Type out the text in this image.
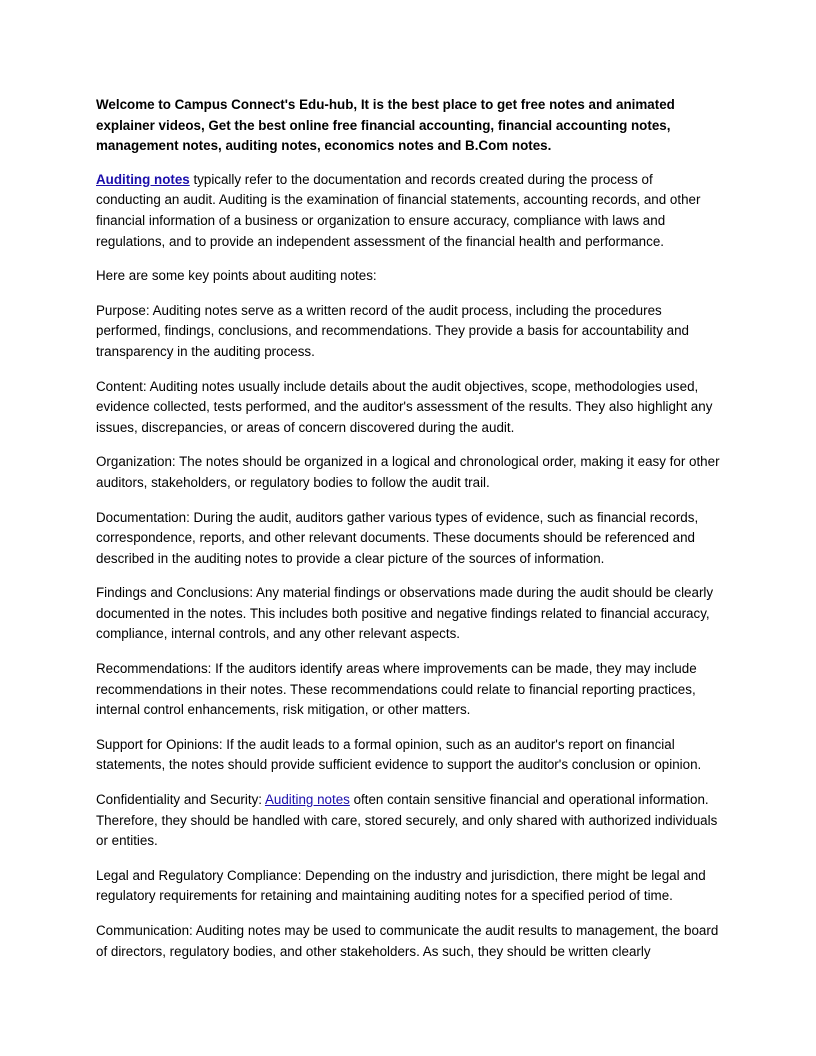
Welcome to Campus Connect's Edu-hub, It is the best place to get free notes and animated explainer videos, Get the best online free financial accounting, financial accounting notes, management notes, auditing notes, economics notes and B.Com notes.

Auditing notes typically refer to the documentation and records created during the process of conducting an audit. Auditing is the examination of financial statements, accounting records, and other financial information of a business or organization to ensure accuracy, compliance with laws and regulations, and to provide an independent assessment of the financial health and performance.

Here are some key points about auditing notes:

Purpose: Auditing notes serve as a written record of the audit process, including the procedures performed, findings, conclusions, and recommendations. They provide a basis for accountability and transparency in the auditing process.

Content: Auditing notes usually include details about the audit objectives, scope, methodologies used, evidence collected, tests performed, and the auditor's assessment of the results. They also highlight any issues, discrepancies, or areas of concern discovered during the audit.

Organization: The notes should be organized in a logical and chronological order, making it easy for other auditors, stakeholders, or regulatory bodies to follow the audit trail.

Documentation: During the audit, auditors gather various types of evidence, such as financial records, correspondence, reports, and other relevant documents. These documents should be referenced and described in the auditing notes to provide a clear picture of the sources of information.

Findings and Conclusions: Any material findings or observations made during the audit should be clearly documented in the notes. This includes both positive and negative findings related to financial accuracy, compliance, internal controls, and any other relevant aspects.

Recommendations: If the auditors identify areas where improvements can be made, they may include recommendations in their notes. These recommendations could relate to financial reporting practices, internal control enhancements, risk mitigation, or other matters.

Support for Opinions: If the audit leads to a formal opinion, such as an auditor's report on financial statements, the notes should provide sufficient evidence to support the auditor's conclusion or opinion.

Confidentiality and Security: Auditing notes often contain sensitive financial and operational information. Therefore, they should be handled with care, stored securely, and only shared with authorized individuals or entities.

Legal and Regulatory Compliance: Depending on the industry and jurisdiction, there might be legal and regulatory requirements for retaining and maintaining auditing notes for a specified period of time.

Communication: Auditing notes may be used to communicate the audit results to management, the board of directors, regulatory bodies, and other stakeholders. As such, they should be written clearly
